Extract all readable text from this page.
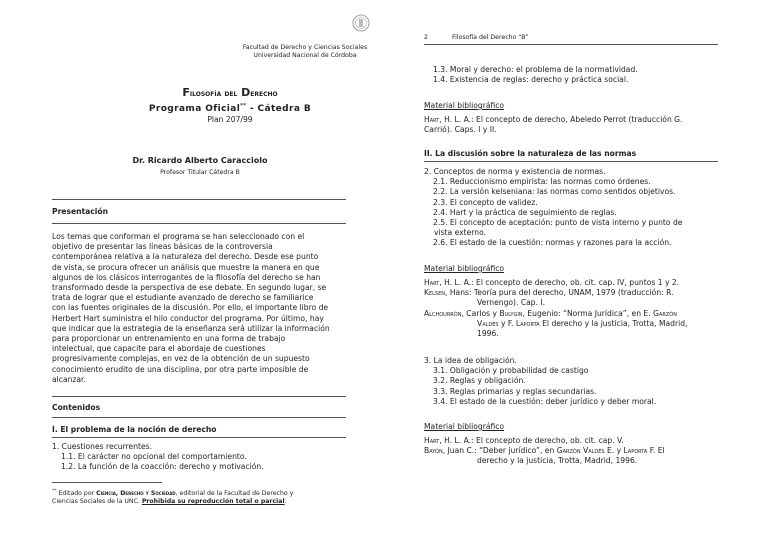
Facultad de Derecho y Ciencias Sociales
Universidad Nacional de Córdoba
Filosofía del Derecho
Programa Oficial** - Cátedra B
Plan 207/99
Dr. Ricardo Alberto Caracciolo
Profesor Titular Cátedra B
Presentación
Los temas que conforman el programa se han seleccionado con el
objetivo de presentar las líneas básicas de la controversia
contemporánea relativa a la naturaleza del derecho. Desde ese punto
de vista, se procura ofrecer un análisis que muestre la manera en que
algunos de los clásicos interrogantes de la filosofía del derecho se han
transformado desde la perspectiva de ese debate. En segundo lugar, se
trata de lograr que el estudiante avanzado de derecho se familiarice
con las fuentes originales de la discusión. Por ello, el importante libro de
Herbert Hart suministra el hilo conductor del programa. Por último, hay
que indicar que la estrategia de la enseñanza será utilizar la información
para proporcionar un entrenamiento en una forma de trabajo
intelectual, que capacite para el abordaje de cuestiones
progresivamente complejas, en vez de la obtención de un supuesto
conocimiento erudito de una disciplina, por otra parte imposible de
alcanzar.
Contenidos
I. El problema de la noción de derecho
1. Cuestiones recurrentes.
1.1. El carácter no opcional del comportamiento.
1.2. La función de la coacción: derecho y motivación.
** Editado por Ciencia, Derecho y Sociedad, editorial de la Facultad de Derecho y
Ciencias Sociales de la UNC. Prohibida su reproducción total o parcial.
2	Filosofía del Derecho “B”
1.3. Moral y derecho: el problema de la normatividad.
1.4. Existencia de reglas: derecho y práctica social.
Material bibliográfico
Hart, H. L. A.: El concepto de derecho, Abeledo Perrot (traducción G.
Carrió). Caps. I y II.
II. La discusión sobre la naturaleza de las normas
2. Conceptos de norma y existencia de normas.
2.1. Reduccionismo empirista: las normas como órdenes.
2.2. La versión kelseniana: las normas como sentidos objetivos.
2.3. El concepto de validez.
2.4. Hart y la práctica de seguimiento de reglas.
2.5. El concepto de aceptación: punto de vista interno y punto de
vista externo.
2.6. El estado de la cuestión: normas y razones para la acción.
Material bibliográfico
Hart, H. L. A.: El concepto de derecho, ob. cit. cap. IV, puntos 1 y 2.
Kelsen, Hans: Teoría pura del derecho, UNAM, 1979 (traducción: R.
Vernengo). Cap. I.
Alchourrón, Carlos y Bulygin, Eugenio: “Norma Jurídica”, en E. Garzón
Valdés y F. Laporta El derecho y la justicia, Trotta, Madrid,
1996.
3. La idea de obligación.
3.1. Obligación y probabilidad de castigo
3.2. Reglas y obligación.
3.3. Reglas primarias y reglas secundarias.
3.4. El estado de la cuestión: deber jurídico y deber moral.
Material bibliográfico
Hart, H. L. A.: El concepto de derecho, ob. cit. cap. V.
Bayón, Juan C.: “Deber jurídico”, en Garzón Valdés E. y Laporta F. El
derecho y la justicia, Trotta, Madrid, 1996.
